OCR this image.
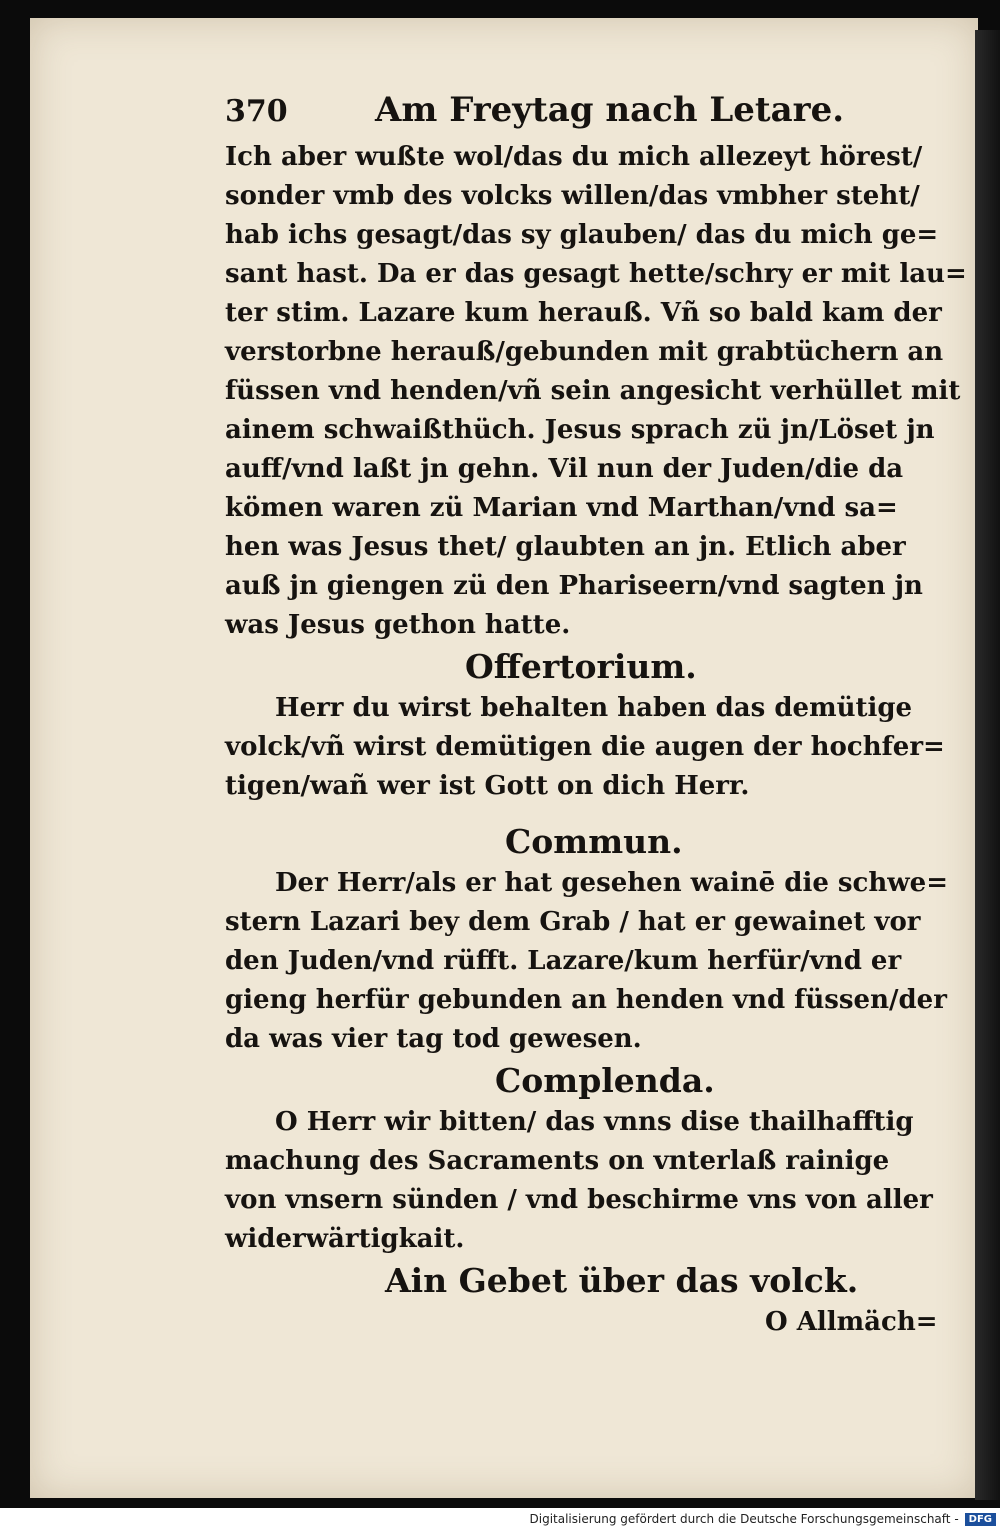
370	Am Freytag nach Letare.
Ich aber wußte wol/das du mich allezeyt hörest/
sonder vmb des volcks willen/das vmbher steht/
hab ichs gesagt/das sy glauben/ das du mich ge=
sant hast. Da er das gesagt hette/schry er mit lau=
ter stim. Lazare kum herauß. Vñ so bald kam der
verstorbne herauß/gebunden mit grabtüchern an
füssen vnd henden/vñ sein angesicht verhüllet mit
ainem schwaißthüch. Jesus sprach zü jn/Löset jn
auff/vnd laßt jn gehn. Vil nun der Juden/die da
kömen waren zü Marian vnd Marthan/vnd sa=
hen was Jesus thet/ glaubten an jn. Etlich aber
auß jn giengen zü den Phariseern/vnd sagten jn
was Jesus gethon hatte.
Offertorium.
Herr du wirst behalten haben das demütige
volck/vñ wirst demütigen die augen der hochfer=
tigen/wañ wer ist Gott on dich Herr.
Commun.
Der Herr/als er hat gesehen wainē die schwe=
stern Lazari bey dem Grab / hat er gewainet vor
den Juden/vnd rüfft. Lazare/kum herfür/vnd er
gieng herfür gebunden an henden vnd füssen/der
da was vier tag tod gewesen.
Complenda.
O Herr wir bitten/ das vnns dise thailhafftig
machung des Sacraments on vnterlaß rainige
von vnsern sünden / vnd beschirme vns von aller
widerwärtigkait.
Ain Gebet über das volck.
O Allmäch=
Digitalisierung gefördert durch die Deutsche Forschungsgemeinschaft -	DFG
